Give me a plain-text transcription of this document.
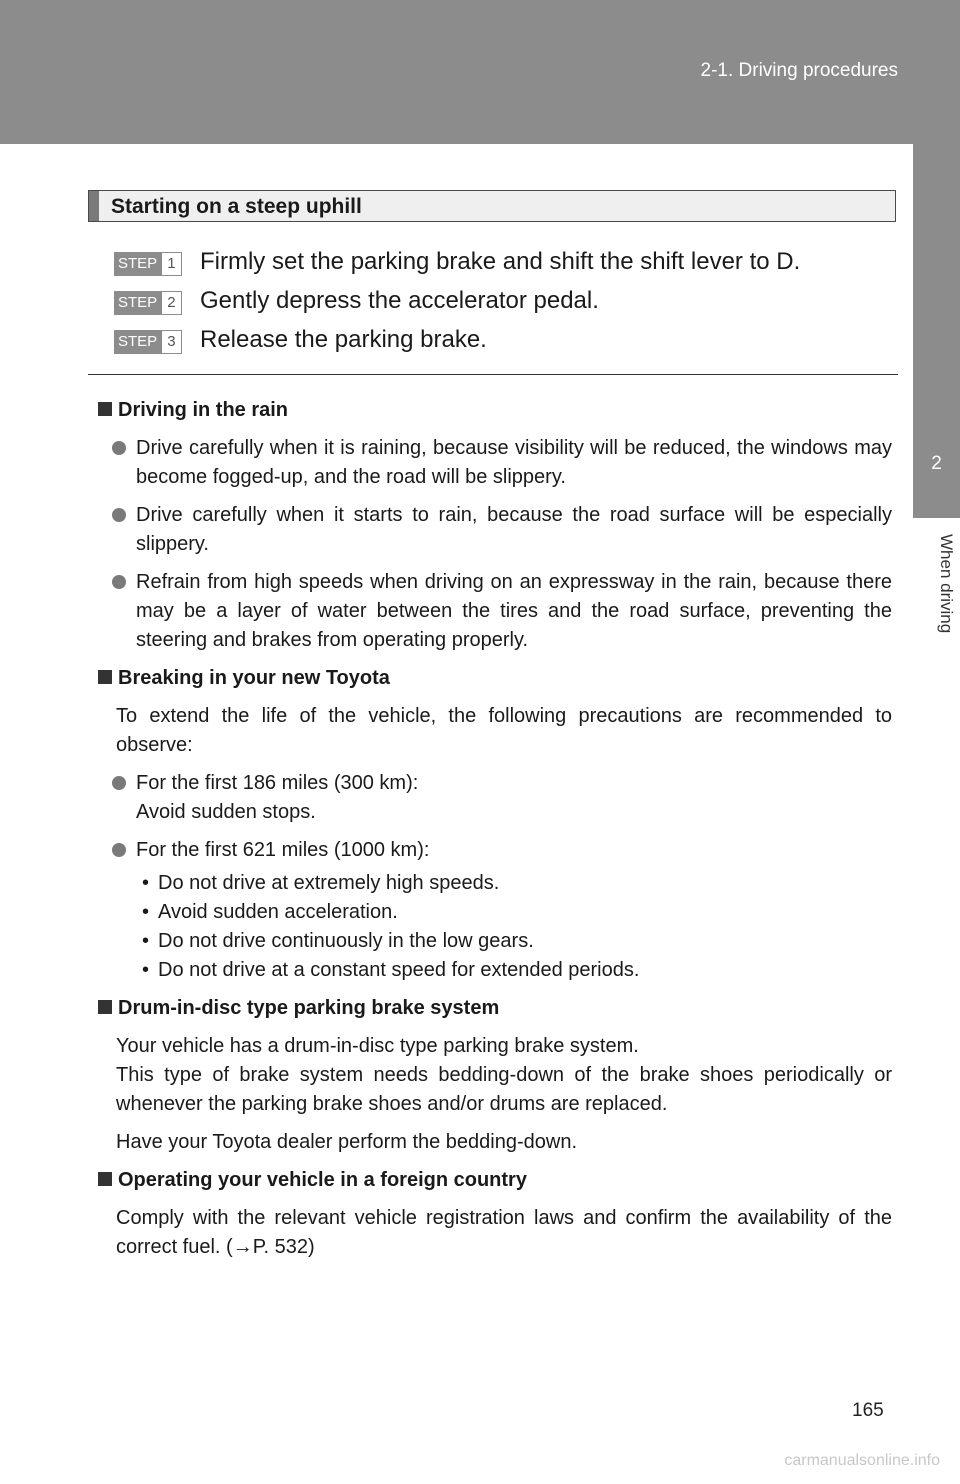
2-1. Driving procedures
2
When driving
Starting on a steep uphill
STEP 1 Firmly set the parking brake and shift the shift lever to D.
STEP 2 Gently depress the accelerator pedal.
STEP 3 Release the parking brake.
Driving in the rain
Drive carefully when it is raining, because visibility will be reduced, the windows may become fogged-up, and the road will be slippery.
Drive carefully when it starts to rain, because the road surface will be especially slippery.
Refrain from high speeds when driving on an expressway in the rain, because there may be a layer of water between the tires and the road surface, preventing the steering and brakes from operating properly.
Breaking in your new Toyota
To extend the life of the vehicle, the following precautions are recommended to observe:
For the first 186 miles (300 km):
Avoid sudden stops.
For the first 621 miles (1000 km):
• Do not drive at extremely high speeds.
• Avoid sudden acceleration.
• Do not drive continuously in the low gears.
• Do not drive at a constant speed for extended periods.
Drum-in-disc type parking brake system
Your vehicle has a drum-in-disc type parking brake system.
This type of brake system needs bedding-down of the brake shoes periodically or whenever the parking brake shoes and/or drums are replaced.
Have your Toyota dealer perform the bedding-down.
Operating your vehicle in a foreign country
Comply with the relevant vehicle registration laws and confirm the availability of the correct fuel. (→P. 532)
165
carmanualsonline.info
